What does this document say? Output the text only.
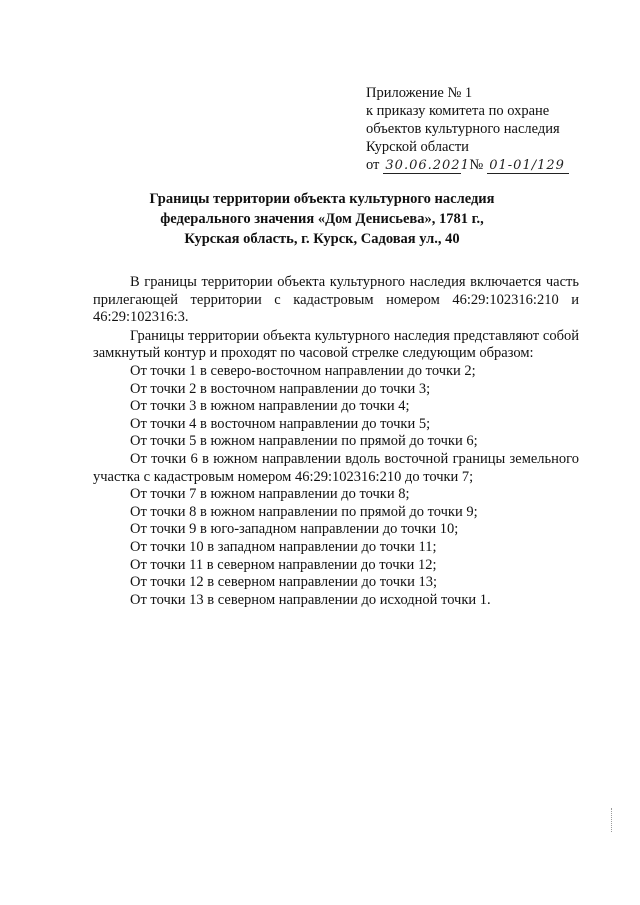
Приложение № 1
к приказу комитета по охране
объектов культурного наследия
Курской области
от 30.06.2021 № 01-01/129
Границы территории объекта культурного наследия
федерального значения «Дом Денисьева», 1781 г.,
Курская область, г. Курск, Садовая ул., 40

В границы территории объекта культурного наследия включается часть прилегающей территории с кадастровым номером 46:29:102316:210 и 46:29:102316:3.

Границы территории объекта культурного наследия представляют собой замкнутый контур и проходят по часовой стрелке следующим образом:

От точки 1 в северо-восточном направлении до точки 2;
От точки 2 в восточном направлении до точки 3;
От точки 3 в южном направлении до точки 4;
От точки 4 в восточном направлении до точки 5;
От точки 5 в южном направлении по прямой до точки 6;
От точки 6 в южном направлении вдоль восточной границы земельного участка с кадастровым номером 46:29:102316:210 до точки 7;
От точки 7 в южном направлении до точки 8;
От точки 8 в южном направлении по прямой до точки 9;
От точки 9 в юго-западном направлении до точки 10;
От точки 10 в западном направлении до точки 11;
От точки 11 в северном направлении до точки 12;
От точки 12 в северном направлении до точки 13;
От точки 13 в северном направлении до исходной точки 1.
